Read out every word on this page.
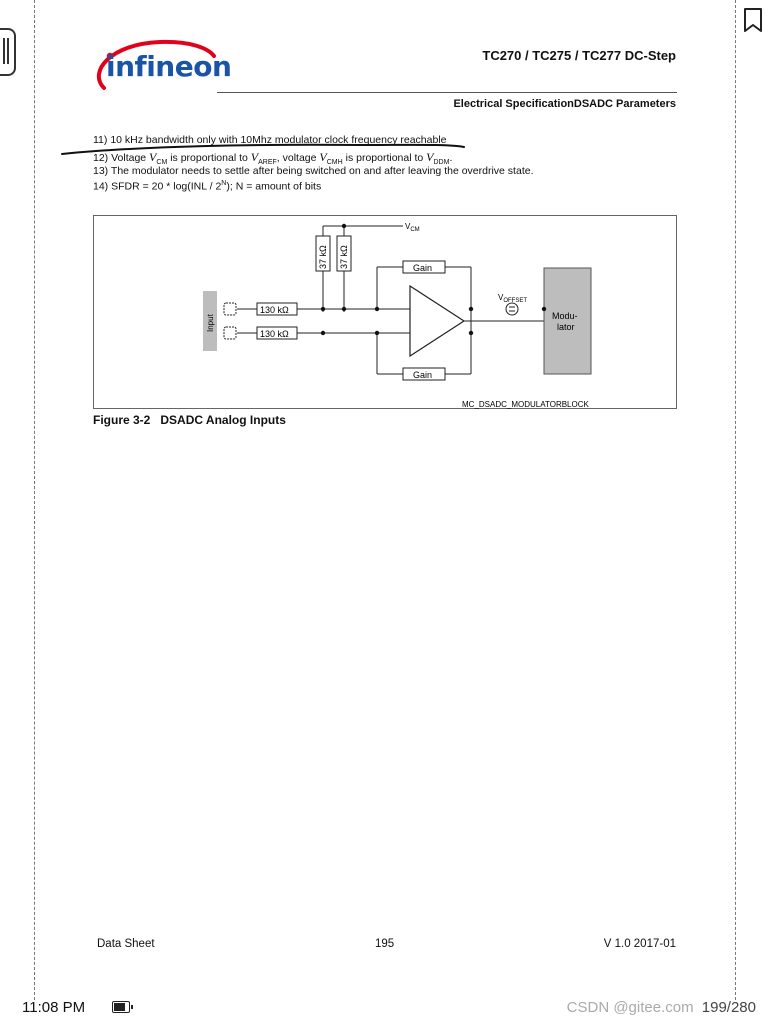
infineon	TC270 / TC275 / TC277 DC-Step
Electrical SpecificationDSADC Parameters
11) 10 kHz bandwidth only with 10Mhz modulator clock frequency reachable
12) Voltage $V_{CM}$ is proportional to $V_{AREF}$, voltage $V_{CMH}$ is proportional to $V_{DDM}$.
13) The modulator needs to settle after being switched on and after leaving the overdrive state.
14) SFDR = $20 * \log(INL / 2^N)$; N = amount of bits
37 kΩ 37 kΩ
130 kΩ
130 kΩ
Gain
Gain
Input
$V_{OFFSET}$
$V_{CM}$
Modu-
lator
MC_DSADC_MODULATORBLOCK
Figure 3-2 DSADC Analog Inputs
Data Sheet	195	V 1.0 2017-01
11:08 PM	CSDN @gitee.com 199/280
